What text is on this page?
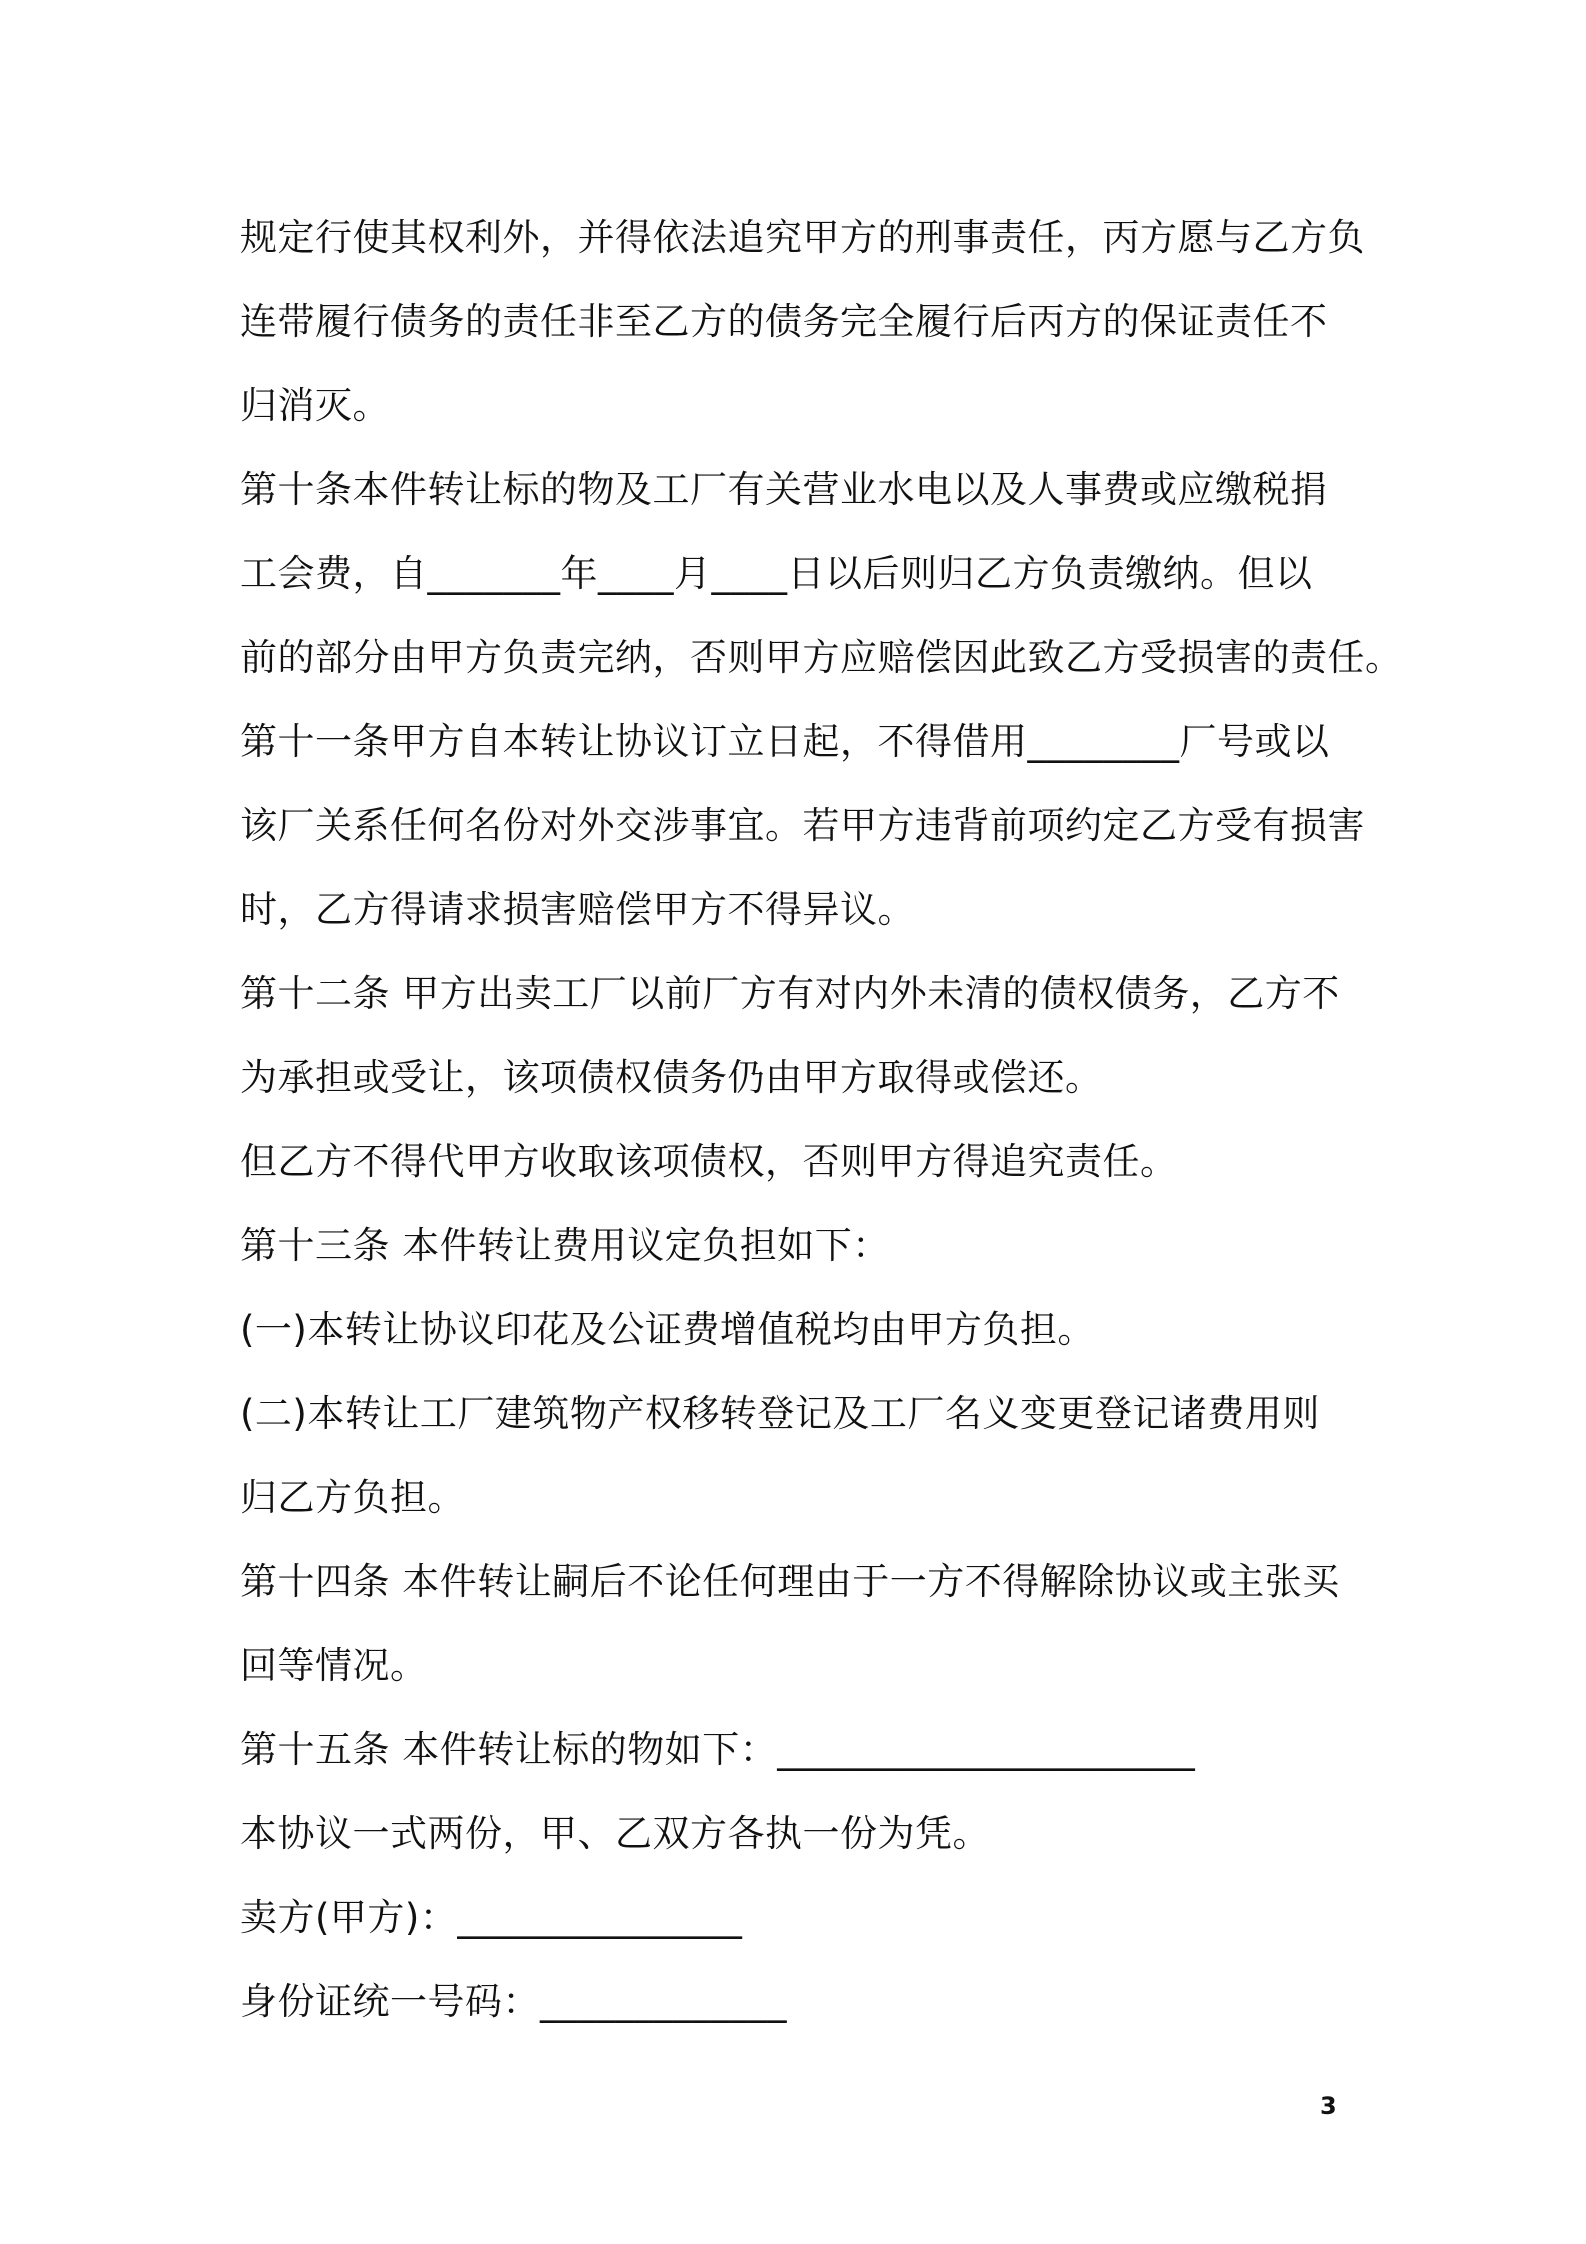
规定行使其权利外，并得依法追究甲方的刑事责任，丙方愿与乙方负
连带履行债务的责任非至乙方的债务完全履行后丙方的保证责任不
归消灭。
第十条本件转让标的物及工厂有关营业水电以及人事费或应缴税捐
工会费，自_______年____月____日以后则归乙方负责缴纳。但以
前的部分由甲方负责完纳，否则甲方应赔偿因此致乙方受损害的责任。
第十一条甲方自本转让协议订立日起，不得借用________厂号或以
该厂关系任何名份对外交涉事宜。若甲方违背前项约定乙方受有损害
时，乙方得请求损害赔偿甲方不得异议。
第十二条 甲方出卖工厂以前厂方有对内外未清的债权债务，乙方不
为承担或受让，该项债权债务仍由甲方取得或偿还。
但乙方不得代甲方收取该项债权，否则甲方得追究责任。
第十三条 本件转让费用议定负担如下：
(一)本转让协议印花及公证费增值税均由甲方负担。
(二)本转让工厂建筑物产权移转登记及工厂名义变更登记诸费用则
归乙方负担。
第十四条 本件转让嗣后不论任何理由于一方不得解除协议或主张买
回等情况。
第十五条 本件转让标的物如下：______________________
本协议一式两份，甲、乙双方各执一份为凭。
卖方(甲方)：_______________
身份证统一号码：_____________
3
